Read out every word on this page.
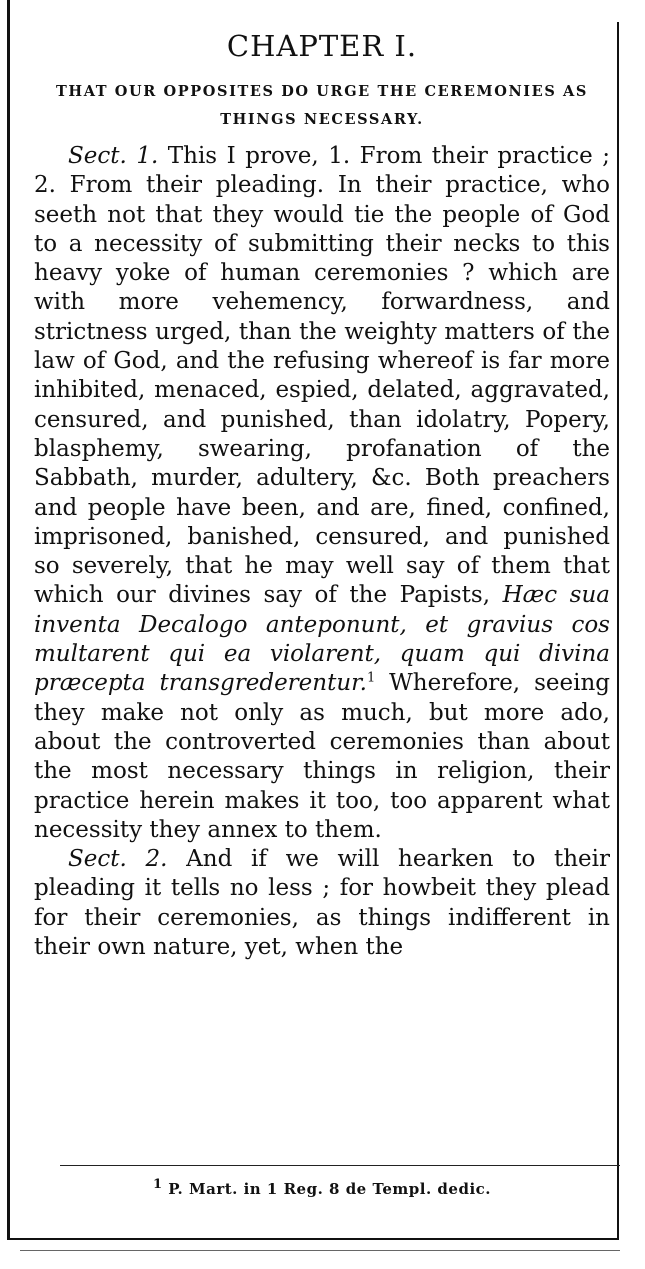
CHAPTER I.
THAT OUR OPPOSITES DO URGE THE CEREMONIES AS THINGS NECESSARY.

Sect. 1. This I prove, 1. From their practice ; 2. From their pleading. In their practice, who seeth not that they would tie the people of God to a necessity of submitting their necks to this heavy yoke of human ceremonies ? which are with more vehemency, forwardness, and strictness urged, than the weighty matters of the law of God, and the refusing whereof is far more inhibited, menaced, espied, delated, aggravated, censured, and punished, than idolatry, Popery, blasphemy, swearing, profanation of the Sabbath, murder, adultery, &c. Both preachers and people have been, and are, fined, confined, imprisoned, banished, censured, and punished so severely, that he may well say of them that which our divines say of the Papists, Hæc sua inventa Decalogo anteponunt, et gravius cos multarent qui ea violarent, quam qui divina præcepta transgrederentur.$^1$ Wherefore, seeing they make not only as much, but more ado, about the controverted ceremonies than about the most necessary things in religion, their practice herein makes it too, too apparent what necessity they annex to them.

Sect. 2. And if we will hearken to their pleading it tells no less ; for howbeit they plead for their ceremonies, as things indifferent in their own nature, yet, when the

$^1$ P. Mart. in 1 Reg. 8 de Templ. dedic.
